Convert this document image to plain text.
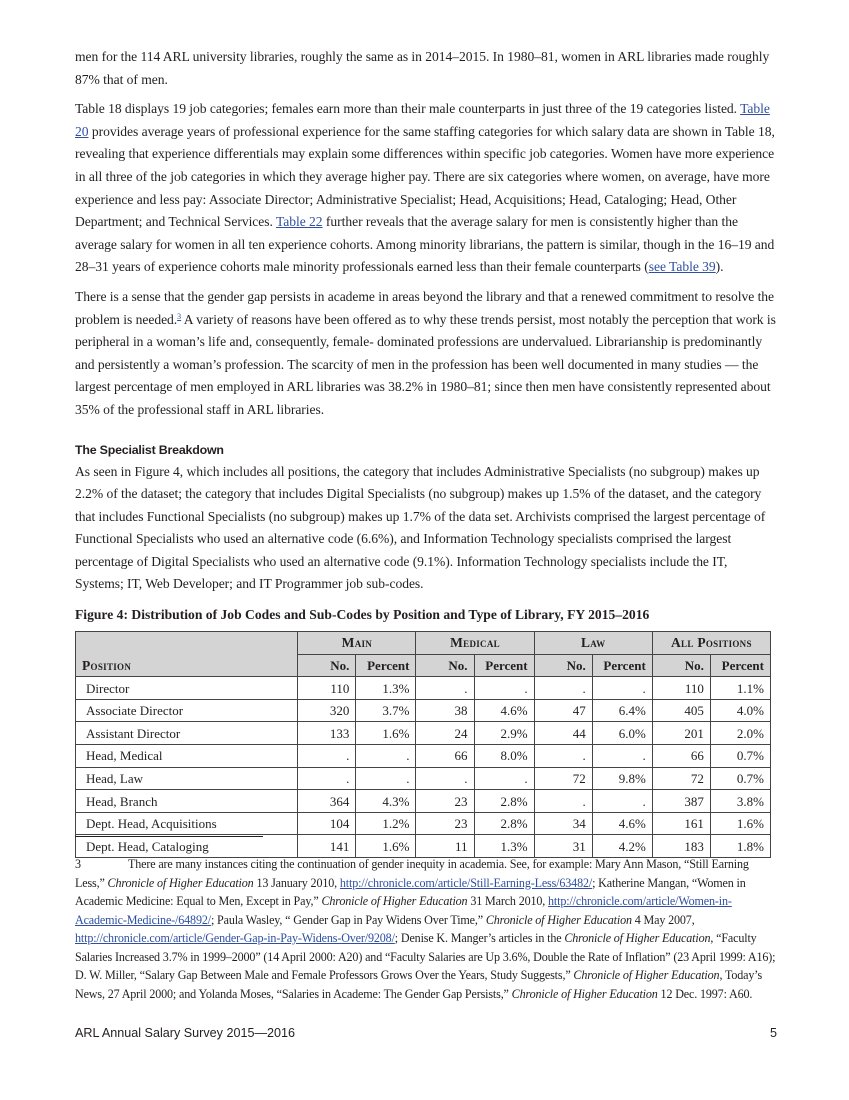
men for the 114 ARL university libraries, roughly the same as in 2014–2015. In 1980–81, women in ARL libraries made roughly 87% that of men.

Table 18 displays 19 job categories; females earn more than their male counterparts in just three of the 19 categories listed. Table 20 provides average years of professional experience for the same staffing categories for which salary data are shown in Table 18, revealing that experience differentials may explain some differences within specific job categories. Women have more experience in all three of the job categories in which they average higher pay. There are six categories where women, on average, have more experience and less pay: Associate Director; Administrative Specialist; Head, Acquisitions; Head, Cataloging; Head, Other Department; and Technical Services. Table 22 further reveals that the average salary for men is consistently higher than the average salary for women in all ten experience cohorts. Among minority librarians, the pattern is similar, though in the 16–19 and 28–31 years of experience cohorts male minority professionals earned less than their female counterparts (see Table 39).

There is a sense that the gender gap persists in academe in areas beyond the library and that a renewed commitment to resolve the problem is needed.$^3$ A variety of reasons have been offered as to why these trends persist, most notably the perception that work is peripheral in a woman’s life and, consequently, female- dominated professions are undervalued. Librarianship is predominantly and persistently a woman’s profession. The scarcity of men in the profession has been well documented in many studies — the largest percentage of men employed in ARL libraries was 38.2% in 1980–81; since then men have consistently represented about 35% of the professional staff in ARL libraries.

The Specialist Breakdown

As seen in Figure 4, which includes all positions, the category that includes Administrative Specialists (no subgroup) makes up 2.2% of the dataset; the category that includes Digital Specialists (no subgroup) makes up 1.5% of the dataset, and the category that includes Functional Specialists (no subgroup) makes up 1.7% of the data set. Archivists comprised the largest percentage of Functional Specialists who used an alternative code (6.6%), and Information Technology specialists comprised the largest percentage of Digital Specialists who used an alternative code (9.1%). Information Technology specialists include the IT, Systems; IT, Web Developer; and IT Programmer job sub-codes.

Figure 4: Distribution of Job Codes and Sub-Codes by Position and Type of Library, FY 2015–2016
Position	Main		Medical		Law		All Positions	
	No.	Percent	No.	Percent	No.	Percent	No.	Percent
Director	110	1.3%	.	.	.	.	110	1.1%
Associate Director	320	3.7%	38	4.6%	47	6.4%	405	4.0%
Assistant Director	133	1.6%	24	2.9%	44	6.0%	201	2.0%
Head, Medical	.	.	66	8.0%	.	.	66	0.7%
Head, Law	.	.	.	.	72	9.8%	72	0.7%
Head, Branch	364	4.3%	23	2.8%	.	.	387	3.8%
Dept. Head, Acquisitions	104	1.2%	23	2.8%	34	4.6%	161	1.6%
Dept. Head, Cataloging	141	1.6%	11	1.3%	31	4.2%	183	1.8%
3	There are many instances citing the continuation of gender inequity in academia. See, for example: Mary Ann Mason, “Still Earning Less,” Chronicle of Higher Education 13 January 2010, http://chronicle.com/article/Still-Earning-Less/63482/; Katherine Mangan, “Women in Academic Medicine: Equal to Men, Except in Pay,” Chronicle of Higher Education 31 March 2010, http://chronicle.com/article/Women-in-Academic-Medicine-/64892/; Paula Wasley, “ Gender Gap in Pay Widens Over Time,” Chronicle of Higher Education 4 May 2007, http://chronicle.com/article/Gender-Gap-in-Pay-Widens-Over/9208/; Denise K. Manger’s articles in the Chronicle of Higher Education, “Faculty Salaries Increased 3.7% in 1999–2000” (14 April 2000: A20) and “Faculty Salaries are Up 3.6%, Double the Rate of Inflation” (23 April 1999: A16); D. W. Miller, “Salary Gap Between Male and Female Professors Grows Over the Years, Study Suggests,” Chronicle of Higher Education, Today’s News, 27 April 2000; and Yolanda Moses, “Salaries in Academe: The Gender Gap Persists,” Chronicle of Higher Education 12 Dec. 1997: A60.
ARL Annual Salary Survey 2015—2016	5
